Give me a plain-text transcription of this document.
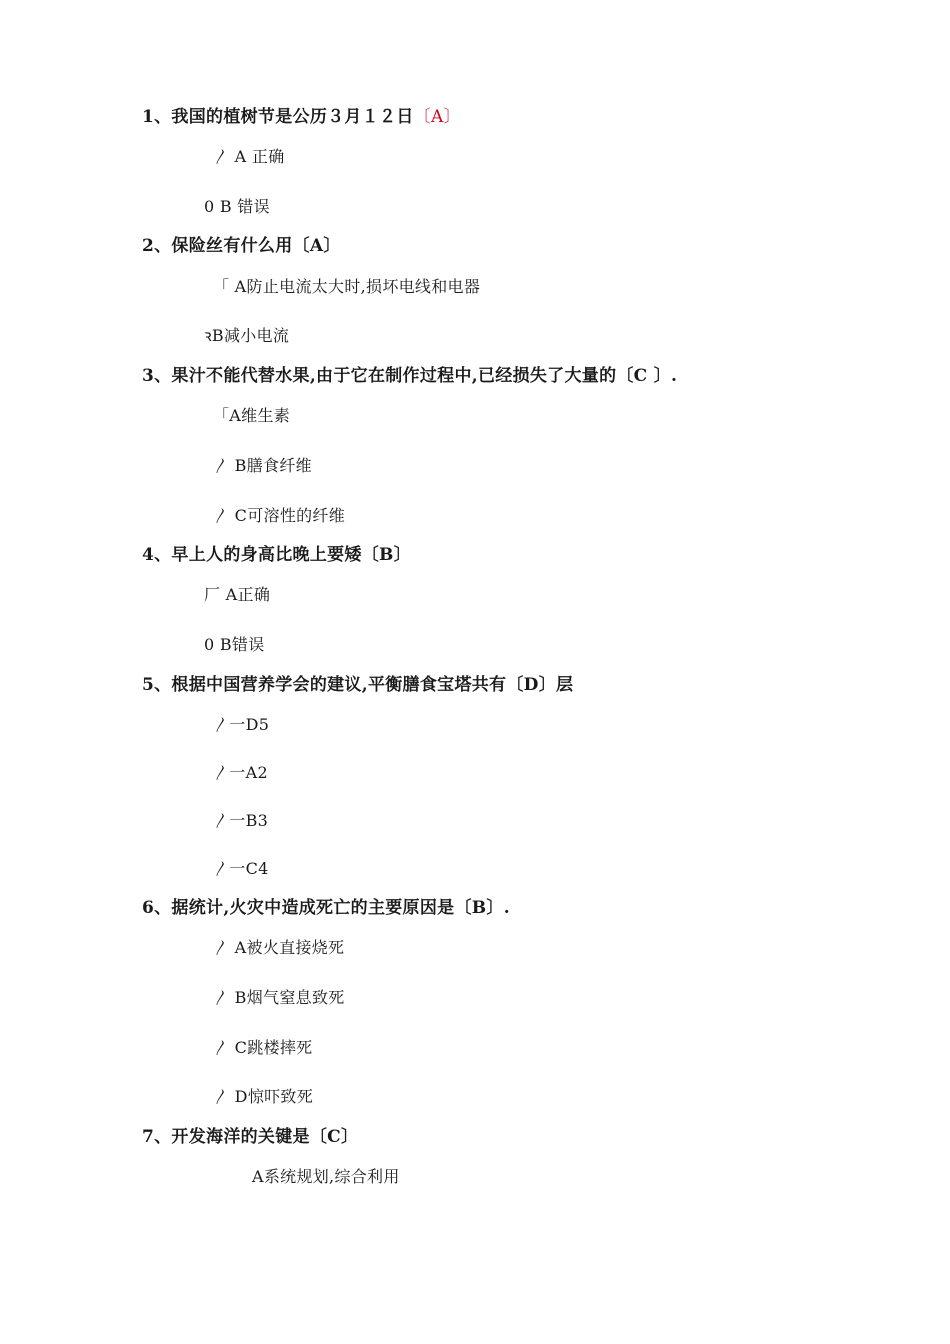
1、我国的植树节是公历３月１２日〔A〕
〳 A 正确
0 B 错误
2、保险丝有什么用〔A〕
「 A防止电流太大时,损坏电线和电器
ꝛB减小电流
3、果汁不能代替水果,由于它在制作过程中,已经损失了大量的〔C 〕.
「A维生素
〳 B膳食纤维
〳 C可溶性的纤维
4、早上人的身高比晚上要矮〔B〕
厂 A正确
0 B错误
5、根据中国营养学会的建议,平衡膳食宝塔共有〔D〕层
〳一D5
〳一A2
〳一B3
〳一C4
6、据统计,火灾中造成死亡的主要原因是〔B〕.
〳 A被火直接烧死
〳 B烟气窒息致死
〳 C跳楼摔死
〳 D惊吓致死
7、开发海洋的关键是〔C〕
A系统规划,综合利用
